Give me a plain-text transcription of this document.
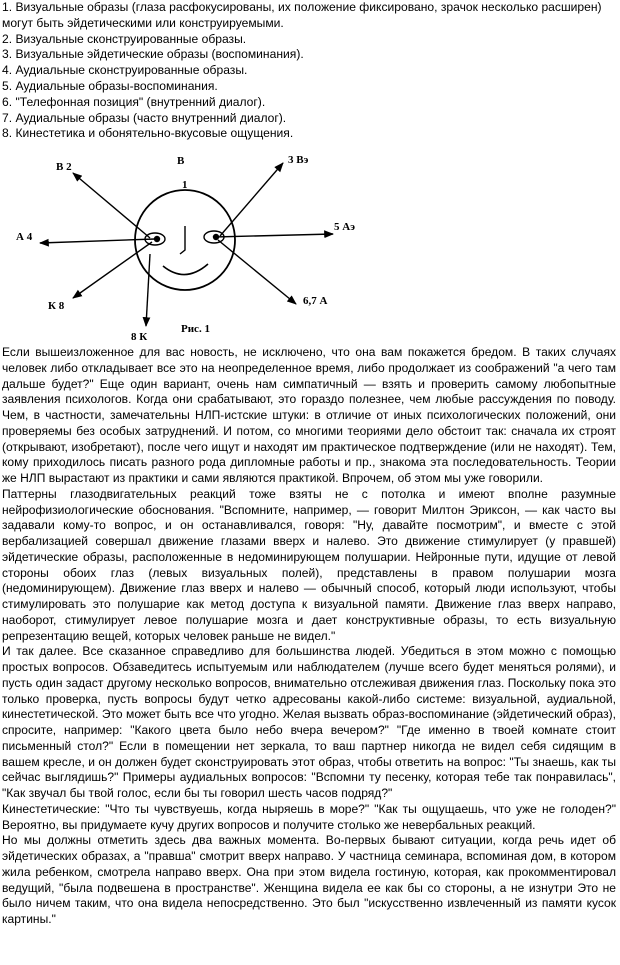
1. Визуальные образы (глаза расфокусированы, их положение фиксировано, зрачок несколько расширен) могут быть эйдетическими или конструируемыми.
2. Визуальные сконструированные образы.
3. Визуальные эйдетические образы (воспоминания).
4. Аудиальные сконструированные образы.
5. Аудиальные образы-воспоминания.
6. "Телефонная позиция" (внутренний диалог).
7. Аудиальные образы (часто внутренний диалог).
8. Кинестетика и обонятельно-вкусовые ощущения.
В 2	В	3 Вэ
1
А 4
5 Аэ
К 8	6,7 А
8 К
Рис. 1

Если вышеизложенное для вас новость, не исключено, что она вам покажется бредом. В таких случаях человек либо откладывает все это на неопределенное время, либо продолжает из соображений "а чего там дальше будет?" Еще один вариант, очень нам симпатичный — взять и проверить самому любопытные заявления психологов. Когда они срабатывают, это гораздо полезнее, чем любые рассуждения по поводу. Чем, в частности, замечательны НЛП-истские штуки: в отличие от иных психологических положений, они проверяемы без особых затруднений. И потом, со многими теориями дело обстоит так: сначала их строят (открывают, изобретают), после чего ищут и находят им практическое подтверждение (или не находят). Тем, кому приходилось писать разного рода дипломные работы и пр., знакома эта последовательность. Теории же НЛП вырастают из практики и сами являются практикой. Впрочем, об этом мы уже говорили.

Паттерны глазодвигательных реакций тоже взяты не с потолка и имеют вполне разумные нейрофизиологические обоснования. "Вспомните, например, — говорит Милтон Эриксон, — как часто вы задавали кому-то вопрос, и он останавливался, говоря: "Ну, давайте посмотрим", и вместе с этой вербализацией совершал движение глазами вверх и налево. Это движение стимулирует (у правшей) эйдетические образы, расположенные в недоминирующем полушарии. Нейронные пути, идущие от левой стороны обоих глаз (левых визуальных полей), представлены в правом полушарии мозга (недоминирующем). Движение глаз вверх и налево — обычный способ, который люди используют, чтобы стимулировать это полушарие как метод доступа к визуальной памяти. Движение глаз вверх направо, наоборот, стимулирует левое полушарие мозга и дает конструктивные образы, то есть визуальную репрезентацию вещей, которых человек раньше не видел."

И так далее. Все сказанное справедливо для большинства людей. Убедиться в этом можно с помощью простых вопросов. Обзаведитесь испытуемым или наблюдателем (лучше всего будет меняться ролями), и пусть один задаст другому несколько вопросов, внимательно отслеживая движения глаз. Поскольку пока это только проверка, пусть вопросы будут четко адресованы какой-либо системе: визуальной, аудиальной, кинестетической. Это может быть все что угодно. Желая вызвать образ-воспоминание (эйдетический образ), спросите, например: "Какого цвета было небо вчера вечером?" "Где именно в твоей комнате стоит письменный стол?" Если в помещении нет зеркала, то ваш партнер никогда не видел себя сидящим в вашем кресле, и он должен будет сконструировать этот образ, чтобы ответить на вопрос: "Ты знаешь, как ты сейчас выглядишь?" Примеры аудиальных вопросов: "Вспомни ту песенку, которая тебе так понравилась", "Как звучал бы твой голос, если бы ты говорил шесть часов подряд?"

Кинестетические: "Что ты чувствуешь, когда ныряешь в море?" "Как ты ощущаешь, что уже не голоден?" Вероятно, вы придумаете кучу других вопросов и получите столько же невербальных реакций.

Но мы должны отметить здесь два важных момента. Во-первых бывают ситуации, когда речь идет об эйдетических образах, а "правша" смотрит вверх направо. У частница семинара, вспоминая дом, в котором жила ребенком, смотрела направо вверх. Она при этом видела гостиную, которая, как прокомментировал ведущий, "была подвешена в пространстве". Женщина видела ее как бы со стороны, а не изнутри Это не было ничем таким, что она видела непосредственно. Это был "искусственно извлеченный из памяти кусок картины."
